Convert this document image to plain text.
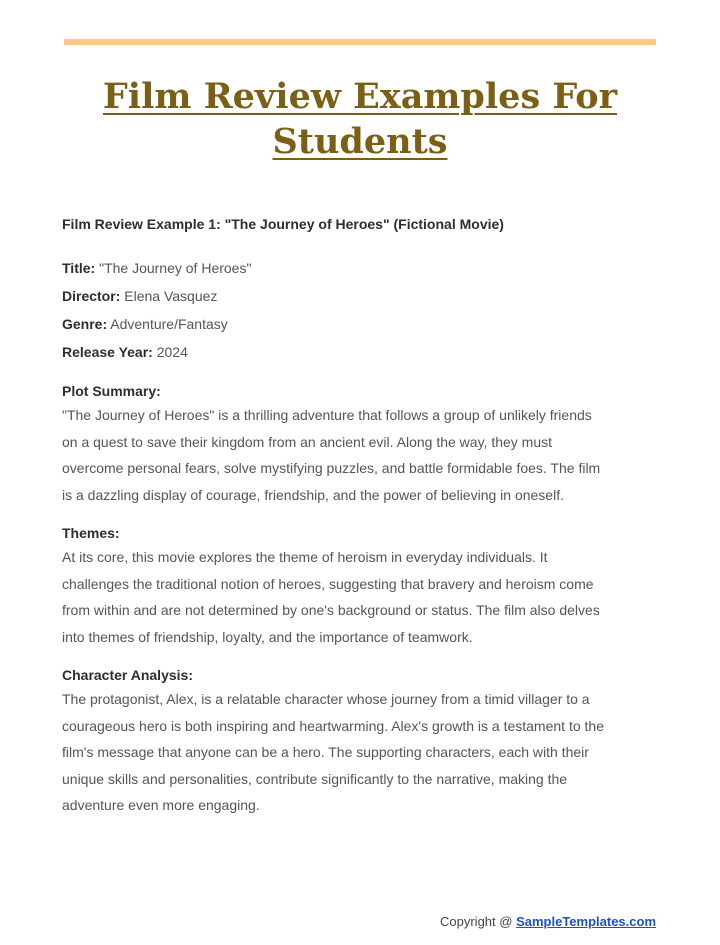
Film Review Examples For
Students
Film Review Example 1: "The Journey of Heroes" (Fictional Movie)
Title: "The Journey of Heroes"
Director: Elena Vasquez
Genre: Adventure/Fantasy
Release Year: 2024
Plot Summary:

"The Journey of Heroes" is a thrilling adventure that follows a group of unlikely friends
on a quest to save their kingdom from an ancient evil. Along the way, they must
overcome personal fears, solve mystifying puzzles, and battle formidable foes. The film
is a dazzling display of courage, friendship, and the power of believing in oneself.

Themes:

At its core, this movie explores the theme of heroism in everyday individuals. It
challenges the traditional notion of heroes, suggesting that bravery and heroism come
from within and are not determined by one's background or status. The film also delves
into themes of friendship, loyalty, and the importance of teamwork.

Character Analysis:

The protagonist, Alex, is a relatable character whose journey from a timid villager to a
courageous hero is both inspiring and heartwarming. Alex's growth is a testament to the
film's message that anyone can be a hero. The supporting characters, each with their
unique skills and personalities, contribute significantly to the narrative, making the
adventure even more engaging.

Copyright @ SampleTemplates.com
